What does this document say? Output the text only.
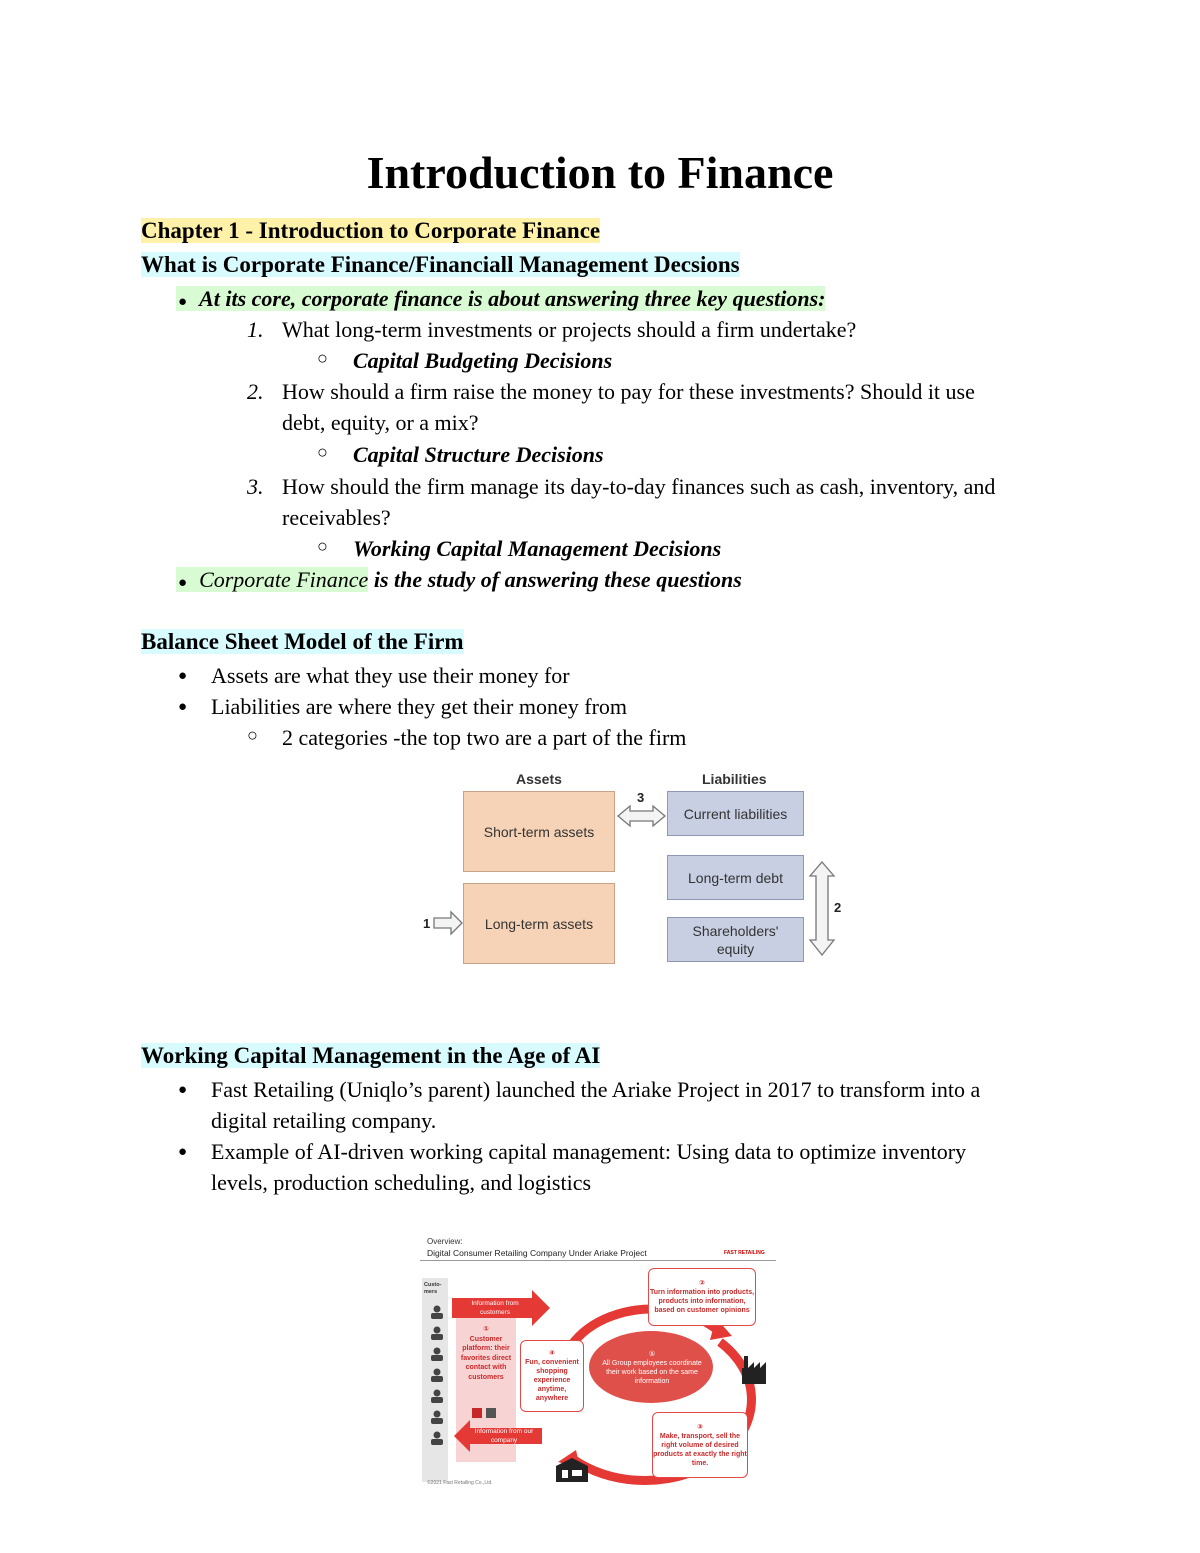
Introduction to Finance
Chapter 1 - Introduction to Corporate Finance
What is Corporate Finance/Financiall Management Decsions
● At its core, corporate finance is about answering three key questions:
1. What long-term investments or projects should a firm undertake?
○ Capital Budgeting Decisions
2. How should a firm raise the money to pay for these investments? Should it use
debt, equity, or a mix?
○ Capital Structure Decisions
3. How should the firm manage its day-to-day finances such as cash, inventory, and
receivables?
○ Working Capital Management Decisions
● Corporate Finance is the study of answering these questions
Balance Sheet Model of the Firm
● Assets are what they use their money for
● Liabilities are where they get their money from
○ 2 categories -the top two are a part of the firm
Assets	Liabilities
Short-term assets
Long-term assets
Current liabilities
Long-term debt
Shareholders'
equity
3
1
2
Working Capital Management in the Age of AI
● Fast Retailing (Uniqlo’s parent) launched the Ariake Project in 2017 to transform into a
digital retailing company.
● Example of AI-driven working capital management: Using data to optimize inventory
levels, production scheduling, and logistics
Overview:
Digital Consumer Retailing Company Under Ariake Project	FAST RETAILING
Custo-mers
Information from customers
①
Customer platform: their favorites direct contact with customers
②
Turn information into products, products into information, based on customer opinions
③
Make, transport, sell the right volume of desired products at exactly the right time.
④
Fun, convenient shopping experience anytime, anywhere
⑤
All Group employees coordinate their work based on the same information
Information from our company
©2021 Fast Retailing Co.,Ltd.
